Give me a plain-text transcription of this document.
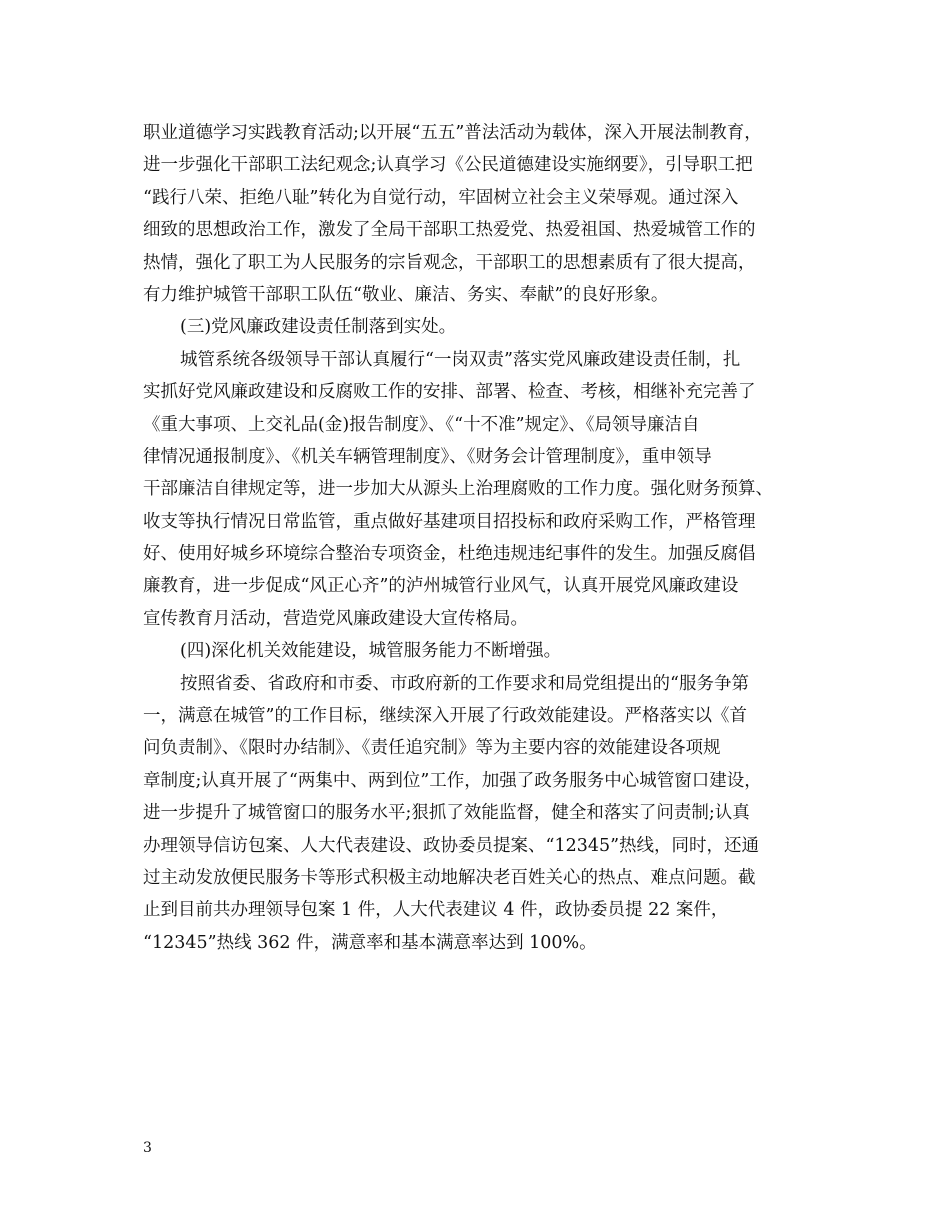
职业道德学习实践教育活动;以开展“五五”普法活动为载体，深入开展法制教育，

进一步强化干部职工法纪观念;认真学习《公民道德建设实施纲要》，引导职工把

“践行八荣、拒绝八耻”转化为自觉行动，牢固树立社会主义荣辱观。通过深入

细致的思想政治工作，激发了全局干部职工热爱党、热爱祖国、热爱城管工作的

热情，强化了职工为人民服务的宗旨观念，干部职工的思想素质有了很大提高，

有力维护城管干部职工队伍“敬业、廉洁、务实、奉献”的良好形象。

(三)党风廉政建设责任制落到实处。

城管系统各级领导干部认真履行“一岗双责”落实党风廉政建设责任制，扎

实抓好党风廉政建设和反腐败工作的安排、部署、检查、考核，相继补充完善了

《重大事项、上交礼品(金)报告制度》、《“十不准”规定》、《局领导廉洁自

律情况通报制度》、《机关车辆管理制度》、《财务会计管理制度》，重申领导

干部廉洁自律规定等，进一步加大从源头上治理腐败的工作力度。强化财务预算、

收支等执行情况日常监管，重点做好基建项目招投标和政府采购工作，严格管理

好、使用好城乡环境综合整治专项资金，杜绝违规违纪事件的发生。加强反腐倡

廉教育，进一步促成“风正心齐”的泸州城管行业风气，认真开展党风廉政建设

宣传教育月活动，营造党风廉政建设大宣传格局。

(四)深化机关效能建设，城管服务能力不断增强。

按照省委、省政府和市委、市政府新的工作要求和局党组提出的“服务争第

一，满意在城管”的工作目标，继续深入开展了行政效能建设。严格落实以《首

问负责制》、《限时办结制》、《责任追究制》等为主要内容的效能建设各项规

章制度;认真开展了“两集中、两到位”工作，加强了政务服务中心城管窗口建设，

进一步提升了城管窗口的服务水平;狠抓了效能监督，健全和落实了问责制;认真

办理领导信访包案、人大代表建设、政协委员提案、“12345”热线，同时，还通

过主动发放便民服务卡等形式积极主动地解决老百姓关心的热点、难点问题。截

止到目前共办理领导包案 1 件，人大代表建议 4 件，政协委员提 22 案件，

“12345”热线 362 件，满意率和基本满意率达到 100%。

3
